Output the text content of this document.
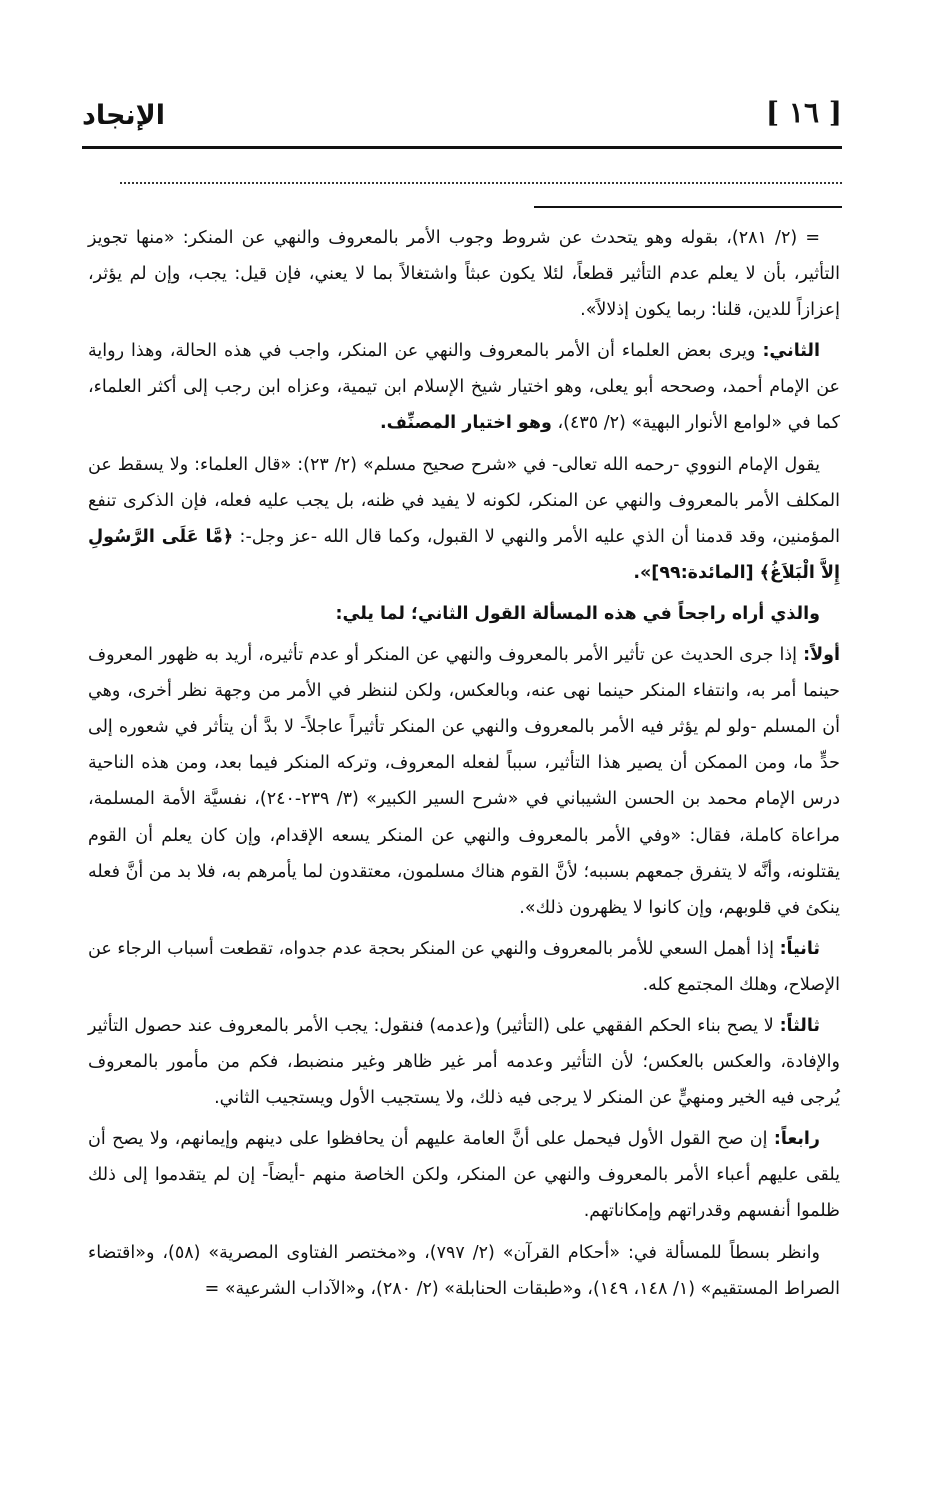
الإنجاد	[ ١٦ ]

= (٢/ ٢٨١)، بقوله وهو يتحدث عن شروط وجوب الأمر بالمعروف والنهي عن المنكر: «منها تجويز التأثير، بأن لا يعلم عدم التأثير قطعاً، لئلا يكون عبثاً واشتغالاً بما لا يعني، فإن قيل: يجب، وإن لم يؤثر، إعزازاً للدين، قلنا: ربما يكون إذلالاً».

الثاني: ويرى بعض العلماء أن الأمر بالمعروف والنهي عن المنكر، واجب في هذه الحالة، وهذا رواية عن الإمام أحمد، وصححه أبو يعلى، وهو اختيار شيخ الإسلام ابن تيمية، وعزاه ابن رجب إلى أكثر العلماء، كما في «لوامع الأنوار البهية» (٢/ ٤٣٥)، وهو اختيار المصنِّف.

يقول الإمام النووي -رحمه الله تعالى- في «شرح صحيح مسلم» (٢/ ٢٣): «قال العلماء: ولا يسقط عن المكلف الأمر بالمعروف والنهي عن المنكر، لكونه لا يفيد في ظنه، بل يجب عليه فعله، فإن الذكرى تنفع المؤمنين، وقد قدمنا أن الذي عليه الأمر والنهي لا القبول، وكما قال الله -عز وجل-: ﴿مَّا عَلَى الرَّسُولِ إِلاَّ الْبَلاَغُ﴾ [المائدة:٩٩]».

والذي أراه راجحاً في هذه المسألة القول الثاني؛ لما يلي:

أولاً: إذا جرى الحديث عن تأثير الأمر بالمعروف والنهي عن المنكر أو عدم تأثيره، أريد به ظهور المعروف حينما أمر به، وانتفاء المنكر حينما نهى عنه، وبالعكس، ولكن لننظر في الأمر من وجهة نظر أخرى، وهي أن المسلم -ولو لم يؤثر فيه الأمر بالمعروف والنهي عن المنكر تأثيراً عاجلاً- لا بدَّ أن يتأثر في شعوره إلى حدٍّ ما، ومن الممكن أن يصير هذا التأثير، سبباً لفعله المعروف، وتركه المنكر فيما بعد، ومن هذه الناحية درس الإمام محمد بن الحسن الشيباني في «شرح السير الكبير» (٣/ ٢٣٩-٢٤٠)، نفسيَّة الأمة المسلمة، مراعاة كاملة، فقال: «وفي الأمر بالمعروف والنهي عن المنكر يسعه الإقدام، وإن كان يعلم أن القوم يقتلونه، وأنَّه لا يتفرق جمعهم بسببه؛ لأنَّ القوم هناك مسلمون، معتقدون لما يأمرهم به، فلا بد من أنَّ فعله ينكئ في قلوبهم، وإن كانوا لا يظهرون ذلك».

ثانياً: إذا أهمل السعي للأمر بالمعروف والنهي عن المنكر بحجة عدم جدواه، تقطعت أسباب الرجاء عن الإصلاح، وهلك المجتمع كله.

ثالثاً: لا يصح بناء الحكم الفقهي على (التأثير) و(عدمه) فنقول: يجب الأمر بالمعروف عند حصول التأثير والإفادة، والعكس بالعكس؛ لأن التأثير وعدمه أمر غير ظاهر وغير منضبط، فكم من مأمور بالمعروف يُرجى فيه الخير ومنهيٍّ عن المنكر لا يرجى فيه ذلك، ولا يستجيب الأول ويستجيب الثاني.

رابعاً: إن صح القول الأول فيحمل على أنَّ العامة عليهم أن يحافظوا على دينهم وإيمانهم، ولا يصح أن يلقى عليهم أعباء الأمر بالمعروف والنهي عن المنكر، ولكن الخاصة منهم -أيضاً- إن لم يتقدموا إلى ذلك ظلموا أنفسهم وقدراتهم وإمكاناتهم.

وانظر بسطاً للمسألة في: «أحكام القرآن» (٢/ ٧٩٧)، و«مختصر الفتاوى المصرية» (٥٨)، و«اقتضاء الصراط المستقيم» (١/ ١٤٨، ١٤٩)، و«طبقات الحنابلة» (٢/ ٢٨٠)، و«الآداب الشرعية» =
